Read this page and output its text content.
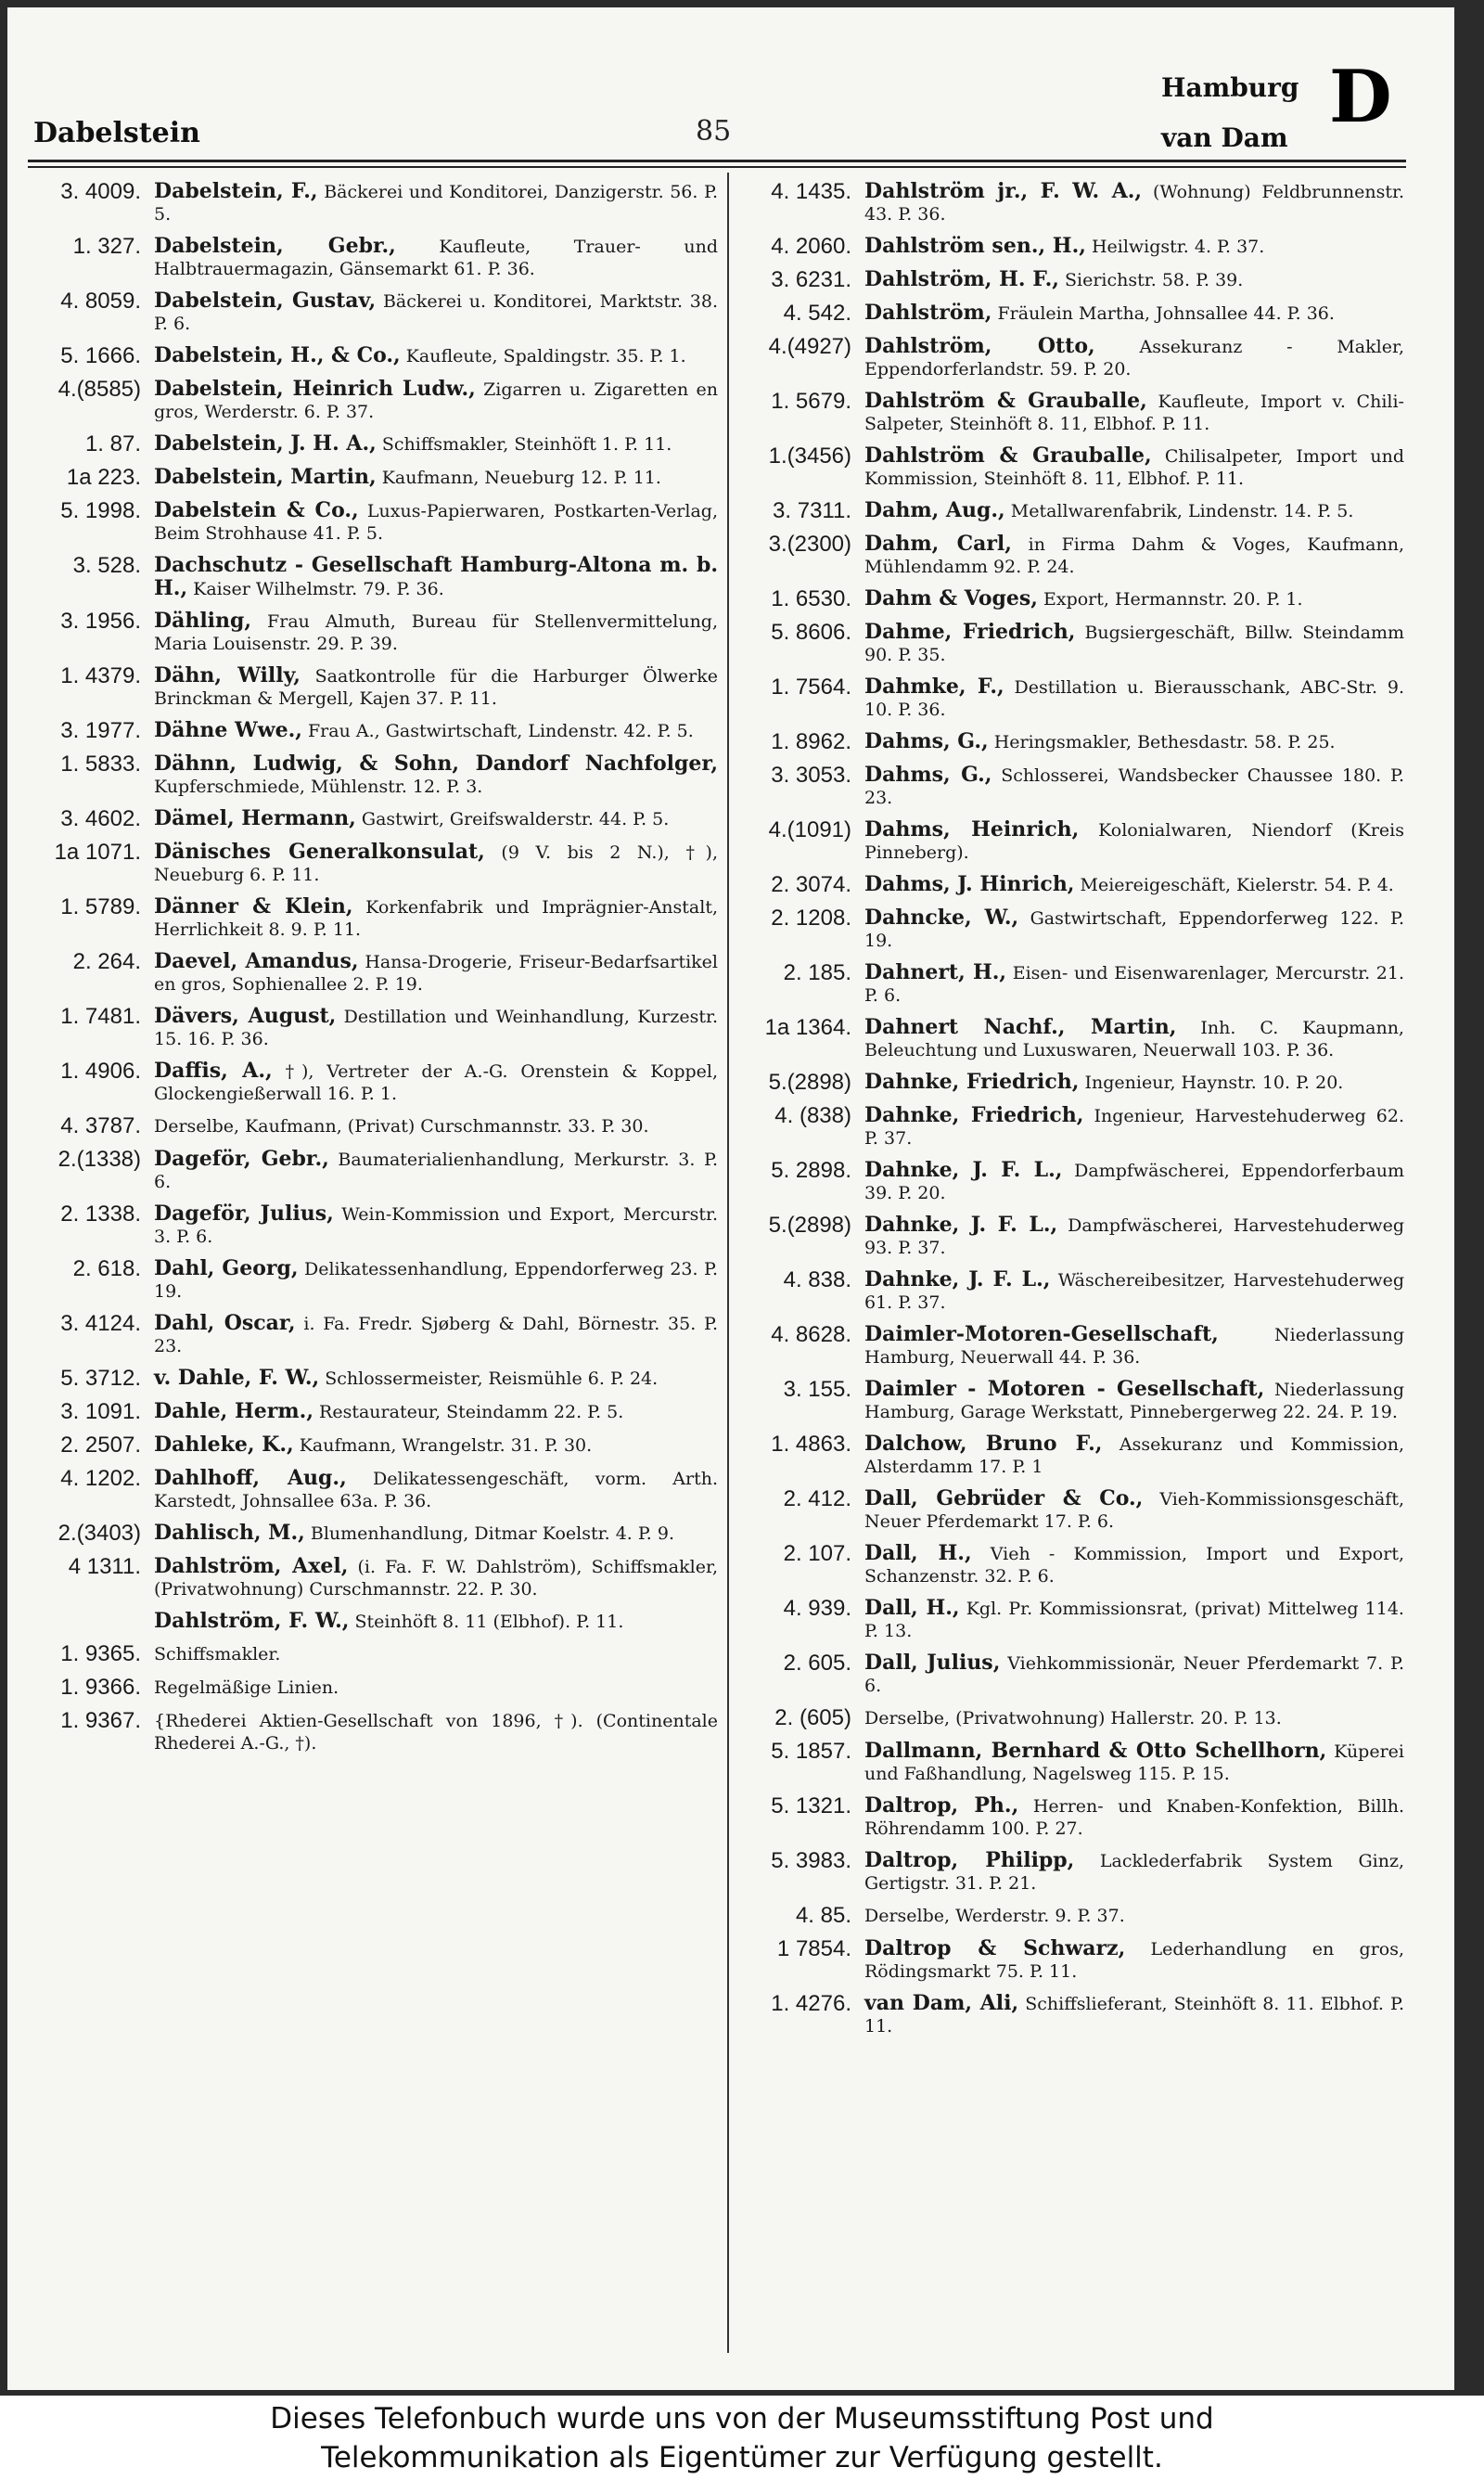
Dabelstein	85
Hamburg
van Dam D
3. 4009. Dabelstein, F., Bäckerei und Konditorei, Danzigerstr. 56. P. 5.
1. 327. Dabelstein, Gebr., Kaufleute, Trauer- und Halbtrauermagazin, Gänsemarkt 61. P. 36.
4. 8059. Dabelstein, Gustav, Bäckerei u. Konditorei, Marktstr. 38. P. 6.
5. 1666. Dabelstein, H., & Co., Kaufleute, Spaldingstr. 35. P. 1.
4.(8585) Dabelstein, Heinrich Ludw., Zigarren u. Zigaretten en gros, Werderstr. 6. P. 37.
1. 87. Dabelstein, J. H. A., Schiffsmakler, Steinhöft 1. P. 11.
1a 223. Dabelstein, Martin, Kaufmann, Neueburg 12. P. 11.
5. 1998. Dabelstein & Co., Luxus-Papierwaren, Postkarten-Verlag, Beim Strohhause 41. P. 5.
3. 528. Dachschutz - Gesellschaft Hamburg-Altona m. b. H., Kaiser Wilhelmstr. 79. P. 36.
3. 1956. Dähling, Frau Almuth, Bureau für Stellenvermittelung, Maria Louisenstr. 29. P. 39.
1. 4379. Dähn, Willy, Saatkontrolle für die Harburger Ölwerke Brinckman & Mergell, Kajen 37. P. 11.
3. 1977. Dähne Wwe., Frau A., Gastwirtschaft, Lindenstr. 42. P. 5.
1. 5833. Dähnn, Ludwig, & Sohn, Dandorf Nachfolger, Kupferschmiede, Mühlenstr. 12. P. 3.
3. 4602. Dämel, Hermann, Gastwirt, Greifswalderstr. 44. P. 5.
1a 1071. Dänisches Generalkonsulat, (9 V. bis 2 N.), †), Neueburg 6. P. 11.
1. 5789. Dänner & Klein, Korkenfabrik und Imprägnier-Anstalt, Herrlichkeit 8. 9. P. 11.
2. 264. Daevel, Amandus, Hansa-Drogerie, Friseur-Bedarfsartikel en gros, Sophienallee 2. P. 19.
1. 7481. Dävers, August, Destillation und Weinhandlung, Kurzestr. 15. 16. P. 36.
1. 4906. Daffis, A., †), Vertreter der A.-G. Orenstein & Koppel, Glockengießerwall 16. P. 1.
4. 3787. Derselbe, Kaufmann, (Privat) Curschmannstr. 33. P. 30.
2.(1338) Dageför, Gebr., Baumaterialienhandlung, Merkurstr. 3. P. 6.
2. 1338. Dageför, Julius, Wein-Kommission und Export, Mercurstr. 3. P. 6.
2. 618. Dahl, Georg, Delikatessenhandlung, Eppendorferweg 23. P. 19.
3. 4124. Dahl, Oscar, i. Fa. Fredr. Sjøberg & Dahl, Börnestr. 35. P. 23.
5. 3712. v. Dahle, F. W., Schlossermeister, Reismühle 6. P. 24.
3. 1091. Dahle, Herm., Restaurateur, Steindamm 22. P. 5.
2. 2507. Dahleke, K., Kaufmann, Wrangelstr. 31. P. 30.
4. 1202. Dahlhoff, Aug., Delikatessengeschäft, vorm. Arth. Karstedt, Johnsallee 63a. P. 36.
2.(3403) Dahlisch, M., Blumenhandlung, Ditmar Koelstr. 4. P. 9.
4 1311. Dahlström, Axel, (i. Fa. F. W. Dahlström), Schiffsmakler, (Privatwohnung) Curschmannstr. 22. P. 30.
Dahlström, F. W., Steinhöft 8. 11 (Elbhof). P. 11.
1. 9365. Schiffsmakler.
1. 9366. Regelmäßige Linien.
1. 9367. {Rhederei Aktien-Gesellschaft von 1896, †). (Continentale Rhederei A.-G., †).
4. 1435. Dahlström jr., F. W. A., (Wohnung) Feldbrunnenstr. 43. P. 36.
4. 2060. Dahlström sen., H., Heilwigstr. 4. P. 37.
3. 6231. Dahlström, H. F., Sierichstr. 58. P. 39.
4. 542. Dahlström, Fräulein Martha, Johnsallee 44. P. 36.
4.(4927) Dahlström, Otto,	Assekuranz - Makler, Eppendorferlandstr. 59. P. 20.
1. 5679. Dahlström & Grauballe, Kaufleute, Import v. Chili-Salpeter, Steinhöft 8. 11, Elbhof. P. 11.
1.(3456) Dahlström & Grauballe, Chilisalpeter, Import und Kommission, Steinhöft 8. 11, Elbhof. P. 11.
3. 7311. Dahm, Aug., Metallwarenfabrik, Lindenstr. 14. P. 5.
3.(2300) Dahm, Carl, in Firma Dahm & Voges, Kaufmann, Mühlendamm 92. P. 24.
1. 6530. Dahm & Voges, Export, Hermannstr. 20. P. 1.
5. 8606. Dahme, Friedrich, Bugsiergeschäft, Billw. Steindamm 90. P. 35.
1. 7564. Dahmke, F., Destillation u. Bierausschank, ABC-Str. 9. 10. P. 36.
1. 8962. Dahms, G., Heringsmakler, Bethesdastr. 58. P. 25.
3. 3053. Dahms, G., Schlosserei, Wandsbecker Chaussee 180. P. 23.
4.(1091) Dahms, Heinrich, Kolonialwaren, Niendorf (Kreis Pinneberg).
2. 3074. Dahms, J. Hinrich, Meiereigeschäft, Kielerstr. 54. P. 4.
2. 1208. Dahncke, W., Gastwirtschaft, Eppendorferweg 122. P. 19.
2. 185. Dahnert, H., Eisen- und Eisenwarenlager, Mercurstr. 21. P. 6.
1a 1364. Dahnert Nachf., Martin, Inh. C. Kaupmann, Beleuchtung und Luxuswaren, Neuerwall 103. P. 36.
5.(2898) Dahnke, Friedrich, Ingenieur, Haynstr. 10. P. 20.
4. (838) Dahnke, Friedrich, Ingenieur, Harvestehuderweg 62. P. 37.
5. 2898. Dahnke, J. F. L., Dampfwäscherei, Eppendorferbaum 39. P. 20.
5.(2898) Dahnke, J. F. L., Dampfwäscherei, Harvestehuderweg 93. P. 37.
4. 838. Dahnke, J. F. L., Wäschereibesitzer, Harvestehuderweg 61. P. 37.
4. 8628. Daimler-Motoren-Gesellschaft,	Niederlassung Hamburg, Neuerwall 44. P. 36.
3. 155. Daimler - Motoren - Gesellschaft, Niederlassung Hamburg, Garage Werkstatt, Pinnebergerweg 22. 24. P. 19.
1. 4863. Dalchow, Bruno F., Assekuranz und Kommission, Alsterdamm 17. P. 1
2. 412. Dall, Gebrüder & Co., Vieh-Kommissionsgeschäft, Neuer Pferdemarkt 17. P. 6.
2. 107. Dall, H., Vieh - Kommission, Import und Export, Schanzenstr. 32. P. 6.
4. 939. Dall, H., Kgl. Pr. Kommissionsrat, (privat) Mittelweg 114. P. 13.
2. 605. Dall, Julius, Viehkommissionär, Neuer Pferdemarkt 7. P. 6.
2. (605) Derselbe, (Privatwohnung) Hallerstr. 20. P. 13.
5. 1857. Dallmann, Bernhard & Otto Schellhorn, Küperei und Faßhandlung, Nagelsweg 115. P. 15.
5. 1321. Daltrop, Ph., Herren- und Knaben-Konfektion, Billh. Röhrendamm 100. P. 27.
5. 3983. Daltrop, Philipp, Lacklederfabrik System Ginz, Gertigstr. 31. P. 21.
4. 85. Derselbe, Werderstr. 9. P. 37.
1 7854. Daltrop & Schwarz, Lederhandlung en gros, Rödingsmarkt 75. P. 11.
1. 4276. van Dam, Ali, Schiffslieferant, Steinhöft 8. 11. Elbhof. P. 11.
Dieses Telefonbuch wurde uns von der Museumsstiftung Post und
Telekommunikation als Eigentümer zur Verfügung gestellt.
